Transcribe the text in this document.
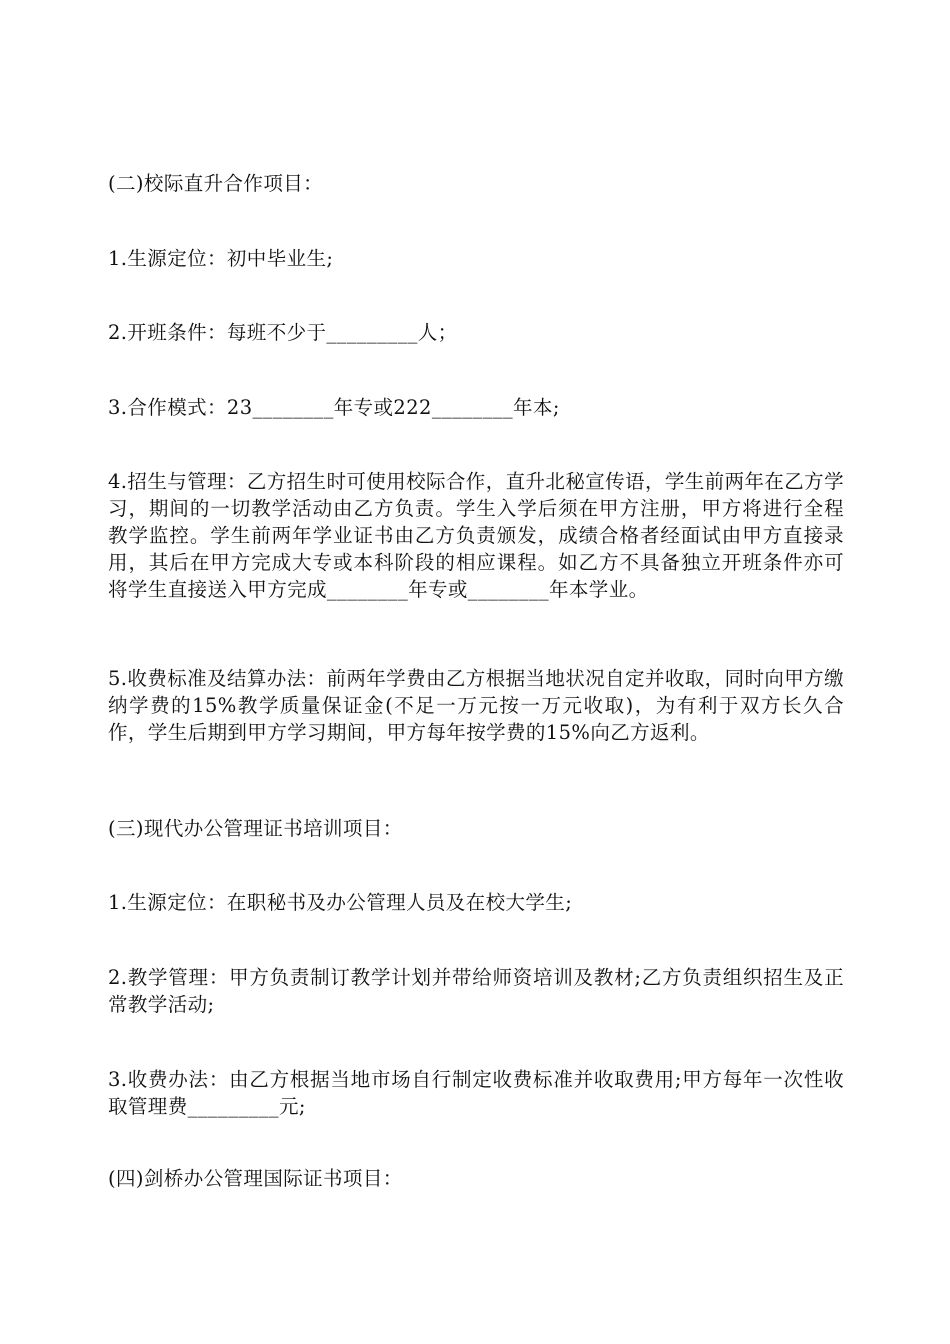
(二)校际直升合作项目：

1.生源定位：初中毕业生;

2.开班条件：每班不少于_________人；

3.合作模式：23________年专或222________年本;

4.招生与管理：乙方招生时可使用校际合作，直升北秘宣传语，学生前两年在乙方学习，期间的一切教学活动由乙方负责。学生入学后须在甲方注册，甲方将进行全程教学监控。学生前两年学业证书由乙方负责颁发，成绩合格者经面试由甲方直接录用，其后在甲方完成大专或本科阶段的相应课程。如乙方不具备独立开班条件亦可将学生直接送入甲方完成________年专或________年本学业。

5.收费标准及结算办法：前两年学费由乙方根据当地状况自定并收取，同时向甲方缴纳学费的15%教学质量保证金(不足一万元按一万元收取)，为有利于双方长久合作，学生后期到甲方学习期间，甲方每年按学费的15%向乙方返利。

(三)现代办公管理证书培训项目：

1.生源定位：在职秘书及办公管理人员及在校大学生;

2.教学管理：甲方负责制订教学计划并带给师资培训及教材;乙方负责组织招生及正常教学活动;

3.收费办法：由乙方根据当地市场自行制定收费标准并收取费用;甲方每年一次性收取管理费_________元;

(四)剑桥办公管理国际证书项目：
